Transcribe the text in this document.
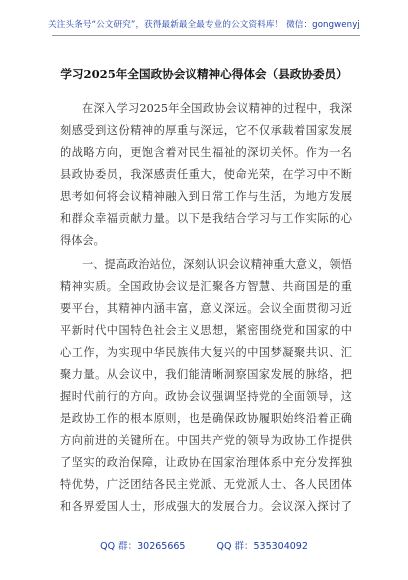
关注头条号“公文研究”，获得最新最全最专业的公文资料库！ 微信：gongwenyj
学习2025年全国政协会议精神心得体会（县政协委员）

在深入学习2025年全国政协会议精神的过程中，我深
刻感受到这份精神的厚重与深远，它不仅承载着国家发展
的战略方向，更饱含着对民生福祉的深切关怀。作为一名
县政协委员，我深感责任重大，使命光荣，在学习中不断
思考如何将会议精神融入到日常工作与生活，为地方发展
和群众幸福贡献力量。以下是我结合学习与工作实际的心
得体会。

一、提高政治站位，深刻认识会议精神重大意义，领悟
精神实质。全国政协会议是汇聚各方智慧、共商国是的重
要平台，其精神内涵丰富，意义深远。会议全面贯彻习近
平新时代中国特色社会主义思想，紧密围绕党和国家的中
心工作，为实现中华民族伟大复兴的中国梦凝聚共识、汇
聚力量。从会议中，我们能清晰洞察国家发展的脉络，把
握时代前行的方向。政协会议强调坚持党的全面领导，这
是政协工作的根本原则，也是确保政协履职始终沿着正确
方向前进的关键所在。中国共产党的领导为政协工作提供
了坚实的政治保障，让政协在国家治理体系中充分发挥独
特优势，广泛团结各民主党派、无党派人士、各人民团体
和各界爱国人士，形成强大的发展合力。会议深入探讨了

QQ 群：30265665	QQ 群：535304092
